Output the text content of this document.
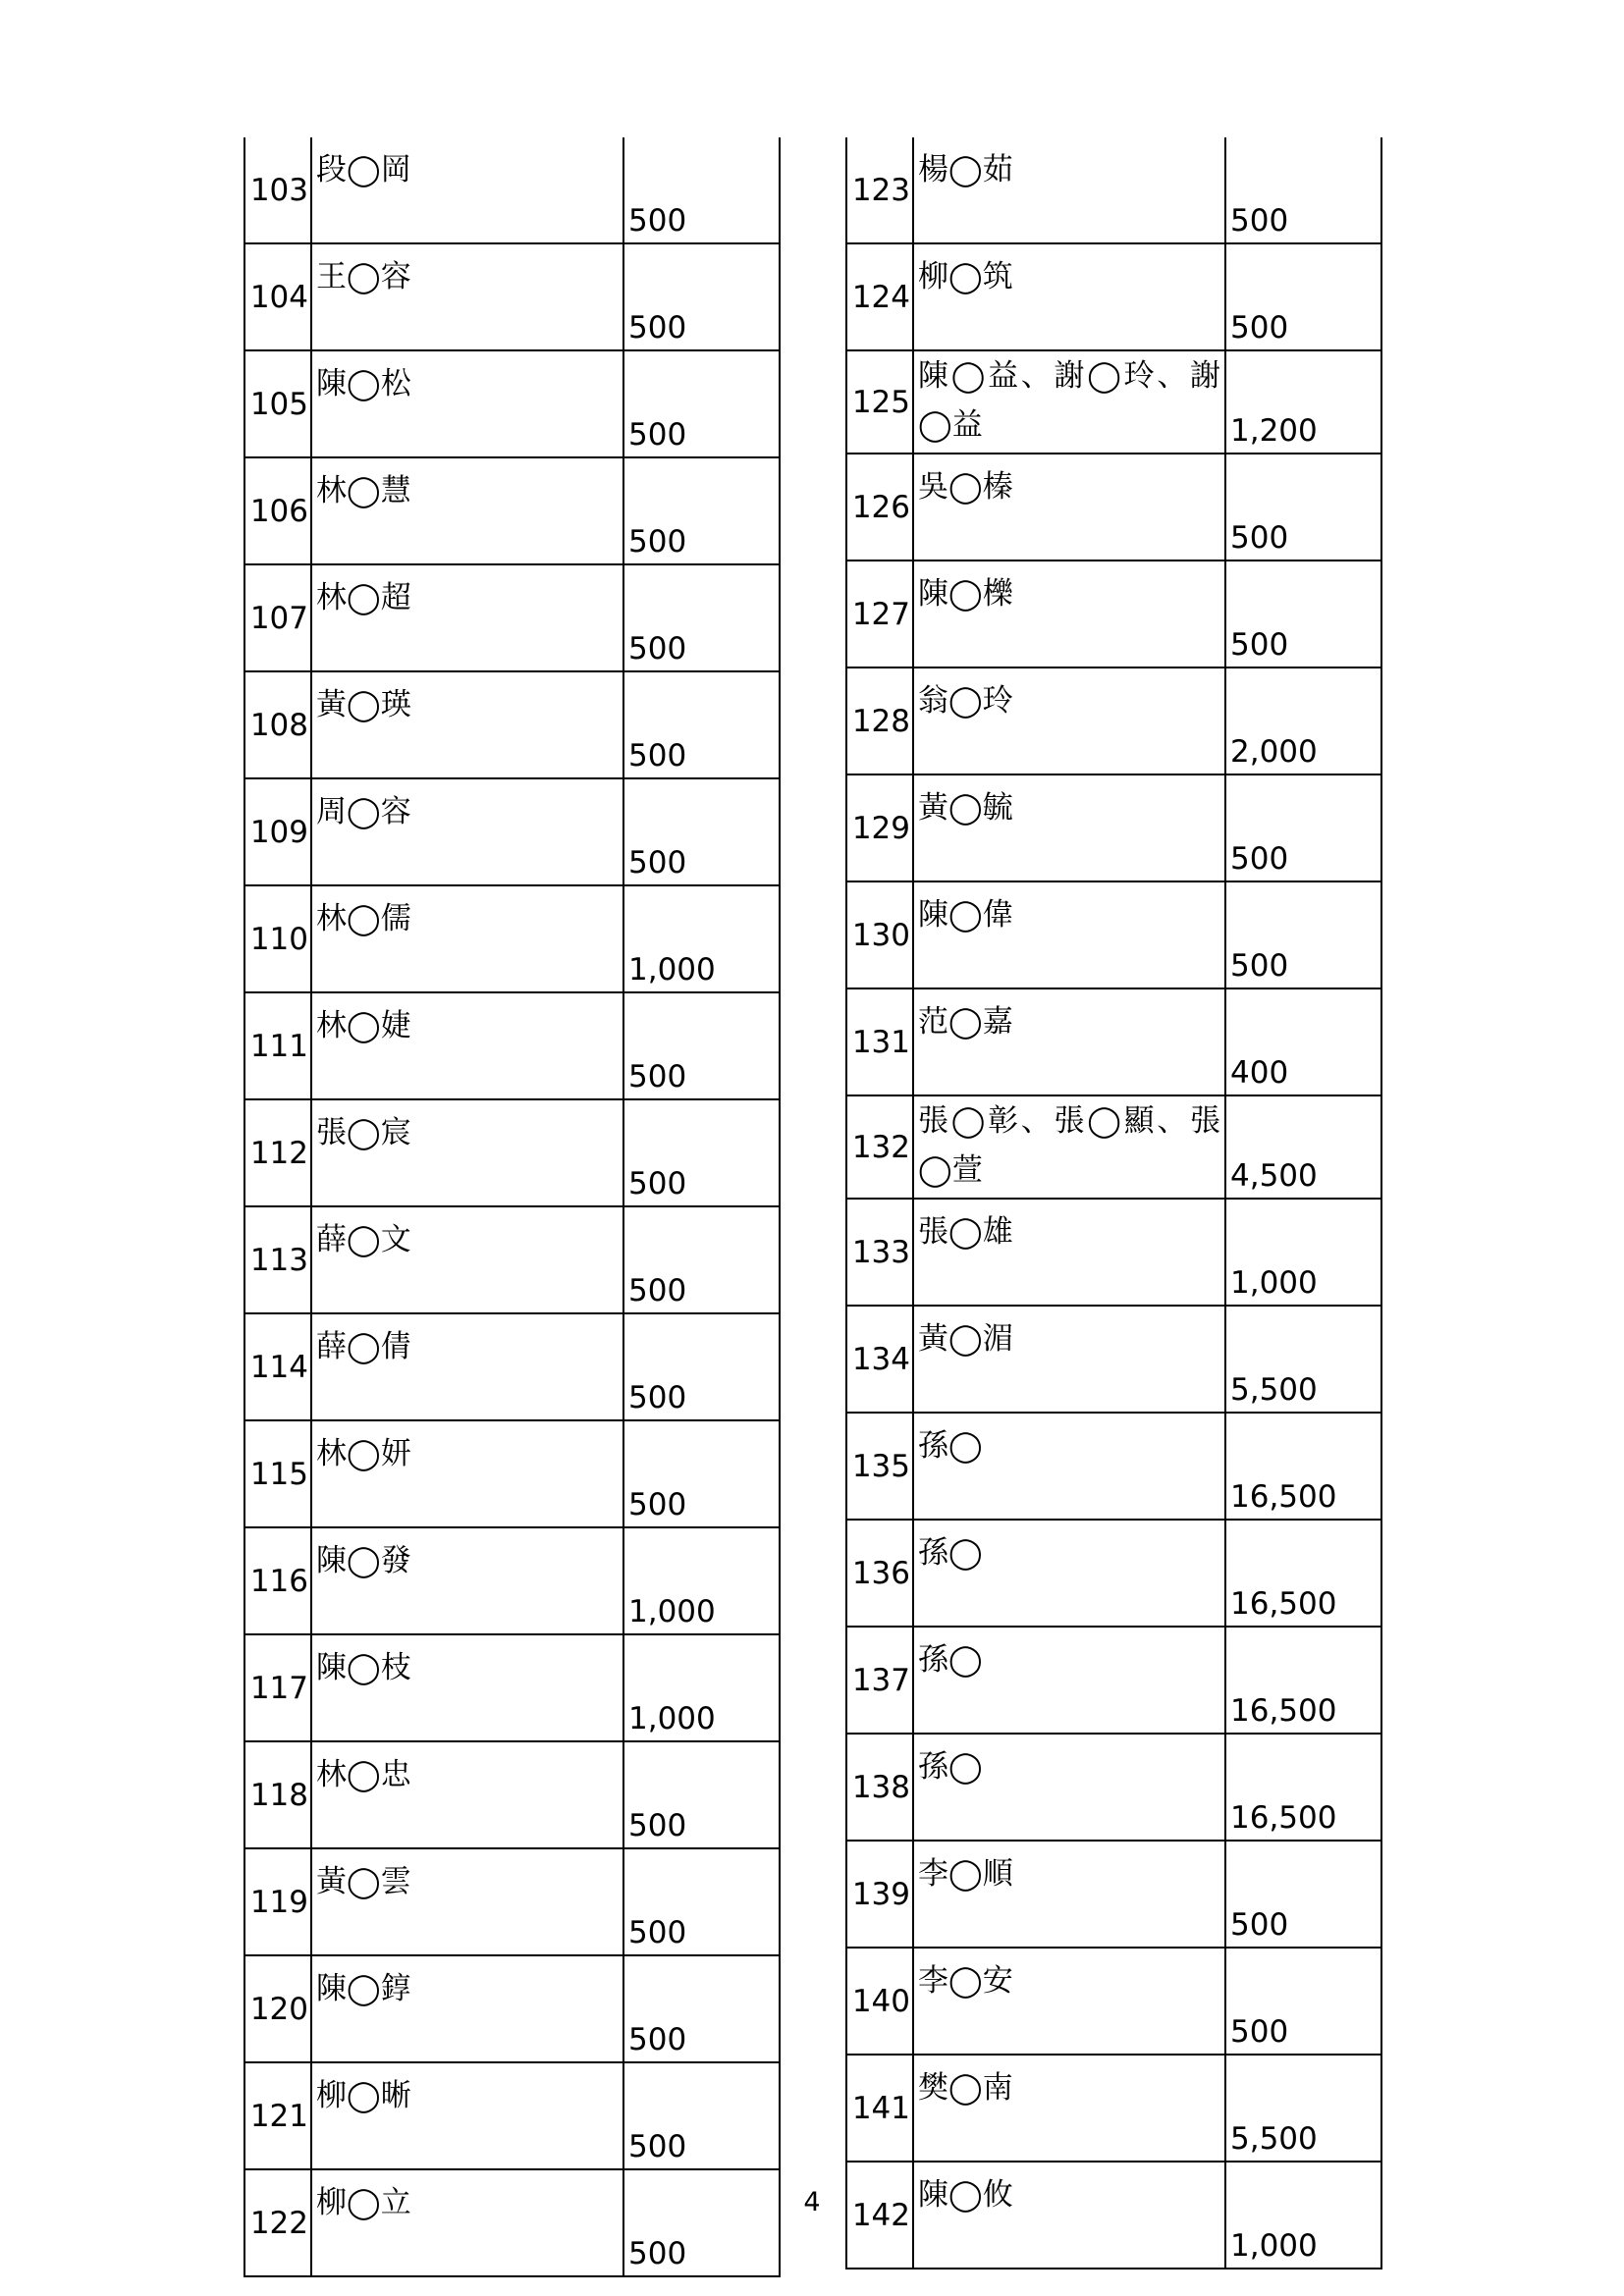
103	段◯岡	500
104	王◯容	500
105	陳◯松	500
106	林◯慧	500
107	林◯超	500
108	黃◯瑛	500
109	周◯容	500
110	林◯儒	1,000
111	林◯婕	500
112	張◯宸	500
113	薛◯文	500
114	薛◯倩	500
115	林◯妍	500
116	陳◯發	1,000
117	陳◯枝	1,000
118	林◯忠	500
119	黃◯雲	500
120	陳◯錞	500
121	柳◯晰	500
122	柳◯立	500
123	楊◯茹	500
124	柳◯筑	500
125	陳◯益、謝◯玲、謝◯益	1,200
126	吳◯榛	500
127	陳◯櫟	500
128	翁◯玲	2,000
129	黃◯毓	500
130	陳◯偉	500
131	范◯嘉	400
132	張◯彰、張◯顯、張◯萱	4,500
133	張◯雄	1,000
134	黃◯湄	5,500
135	孫◯	16,500
136	孫◯	16,500
137	孫◯	16,500
138	孫◯	16,500
139	李◯順	500
140	李◯安	500
141	樊◯南	5,500
142	陳◯攸	1,000
4
